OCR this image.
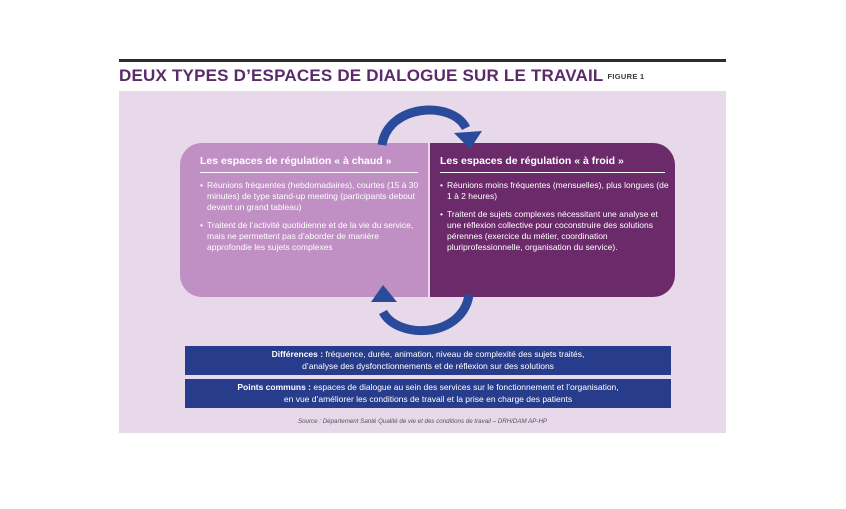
DEUX TYPES D’ESPACES DE DIALOGUE SUR LE TRAVAIL FIGURE 1
Les espaces de régulation « à chaud »
• Réunions fréquentes (hebdomadaires), courtes (15 à 30 minutes) de type stand-up meeting (participants debout devant un grand tableau)
• Traitent de l’activité quotidienne et de la vie du service, mais ne permettent pas d’aborder de manière approfondie les sujets complexes
Les espaces de régulation « à froid »
• Réunions moins fréquentes (mensuelles), plus longues (de 1 à 2 heures)
• Traitent de sujets complexes nécessitant une analyse et une réflexion collective pour coconstruire des solutions pérennes (exercice du métier, coordination pluriprofessionnelle, organisation du service).
Différences : fréquence, durée, animation, niveau de complexité des sujets traités,
d’analyse des dysfonctionnements et de réflexion sur des solutions
Points communs : espaces de dialogue au sein des services sur le fonctionnement et l’organisation,
en vue d’améliorer les conditions de travail et la prise en charge des patients
Source : Département Santé Qualité de vie et des conditions de travail – DRH/DAM AP-HP
